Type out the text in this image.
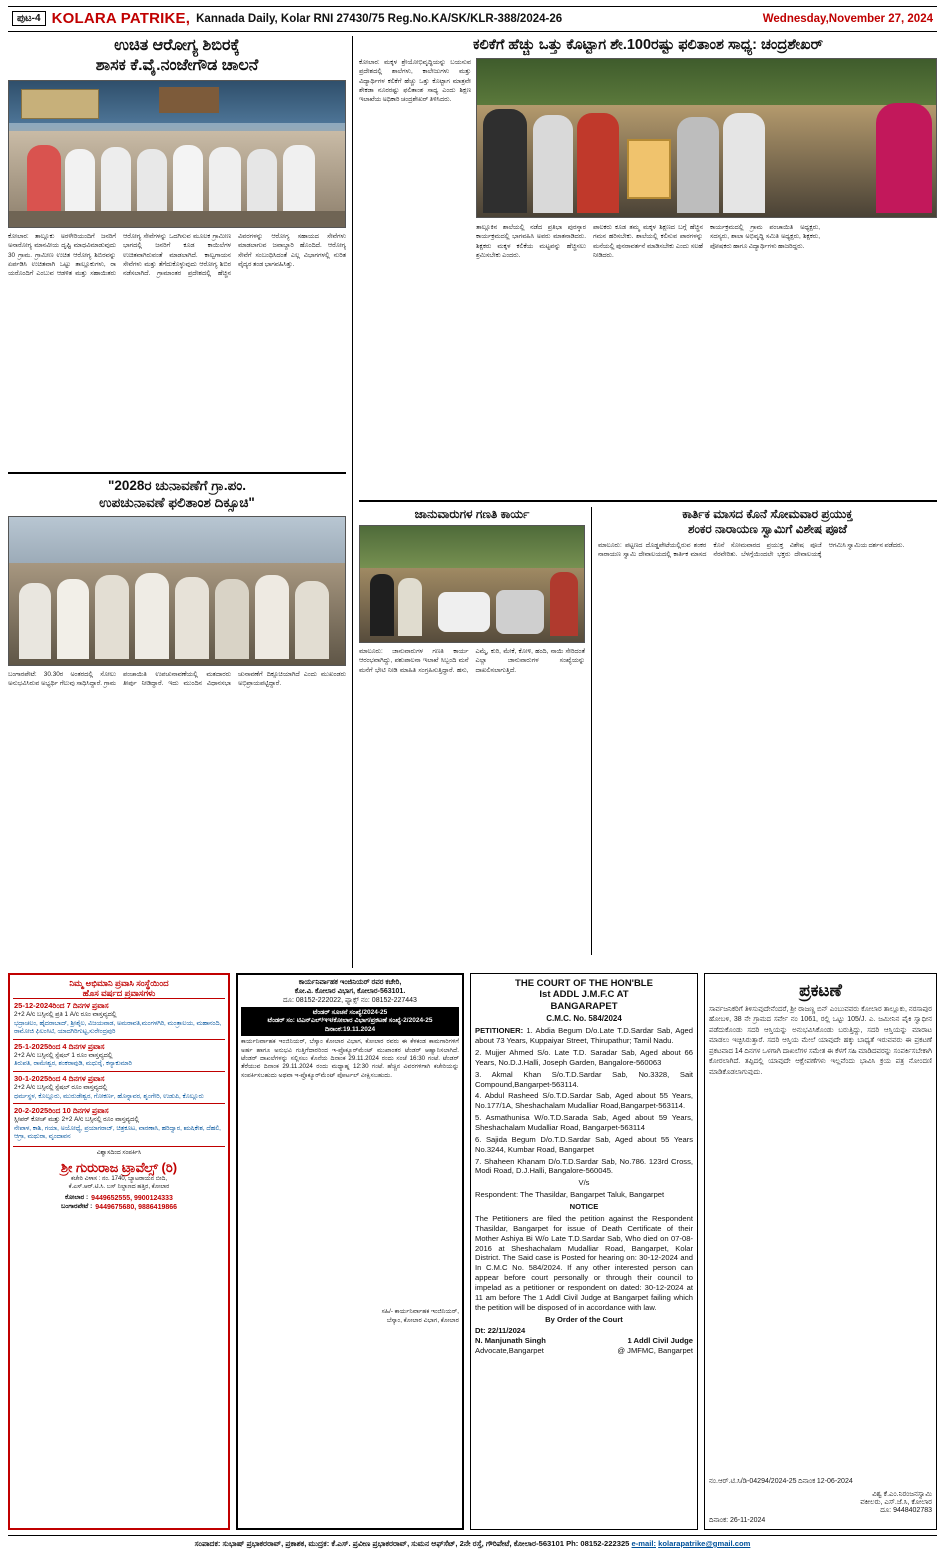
ಪುಟ-4 KOLARA PATRIKE, Kannada Daily, Kolar RNI 27430/75 Reg.No.KA/SK/KLR-388/2024-26	Wednesday,November 27, 2024
ಉಚಿತ ಆರೋಗ್ಯ ಶಿಬಿರಕ್ಕೆ
ಶಾಸಕ ಕೆ.ವೈ.ನಂಜೇಗೌಡ ಚಾಲನೆ
ಕೋಲಾರ: ತಾಲ್ಲೂಕು ಅರಳೇರಿಯಂದಿಗೆ ಜನರಿಗೆ ಅನಾರೋಗ್ಯ ಮಾನವೀಯ ದೃಷ್ಟಿ ಮಾಧವಿಮಾಡುವುದು 30 ಗ್ರಾಮ. ಗ್ರಾಮೀಣ ಉಚಿತ ಆರೋಗ್ಯ ಶಿಬಿರವನ್ನು ಏರ್ಪಡಿಸಿ ಉಚಿತವಾಗಿ ಒಟ್ಟು ತಾಲ್ಲೂಕುಗಳು, ರಾ ಯರೊಂದಿಗೆ ಎಂಬುವ ಆಡಳಿತ ಮತ್ತು ಸಹಾಯಿತರು ಆರೋಗ್ಯ ಸೇವೆಗಳನ್ನು ಒದಗಿಸುವ ಮೂಲಕ ಗ್ರಾಮೀಣ ಭಾಗದಲ್ಲಿ ಜನರಿಗೆ ಕೂಡ ಕಾಯಿಲೆಗಳ ಉಚಿತವಾಗಿರುವಂತೆ ಮಾಡಲಾಗಿದೆ. ಕಾಲ್ವಗಾಯನ ಸೇವೆಗಳು ಮತ್ತು ತೆಗೆದುಕೊಳ್ಳುವುದು ಆರೋಗ್ಯ ಶಿಬಿರ ನಡೆಸಲಾಗಿದೆ. ಗ್ರಾಮಾಂತರ ಪ್ರದೇಶದಲ್ಲಿ ಹೆಚ್ಚಿನ ವಿವರಗಳನ್ನು ಆರೋಗ್ಯ ಸಹಾಯದ ಸೇವೆಗಳು ಮಾಡಲಾಗುವ ಜವಾಬ್ದಾರಿ ಹೊಂದಿದೆ. ಆರೋಗ್ಯ ಸೇವೆಗೆ ಸಂಬಂಧಿಸಿದಂತೆ ಎಲ್ಲ ವಿಭಾಗಗಳಲ್ಲಿ ನುರಿತ ವೈದ್ಯರ ತಂಡ ಭಾಗವಹಿಸಿತ್ತು.
"2028ರ ಚುನಾವಣೆಗೆ ಗ್ರಾ.ಪಂ.
ಉಪಚುನಾವಣೆ ಫಲಿತಾಂಶ ದಿಕ್ಸೂಚಿ"
ಬಂಗಾರಪೇಟೆ: 30.30ರ ಅಂತರದಲ್ಲಿ ಸೋಲು ಅನುಭವಿಸಿರುವ ಅಭ್ಯರ್ಥಿ ಗೆಲುವು ಸಾಧಿಸಿದ್ದಾರೆ. ಗ್ರಾಮ ಪಂಚಾಯಿತಿ ಉಪಚುನಾವಣೆಯಲ್ಲಿ ಮತದಾರರು ತೀರ್ಪು ನೀಡಿದ್ದಾರೆ. ಇದು ಮುಂದಿನ ವಿಧಾನಸಭಾ ಚುನಾವಣೆಗೆ ದಿಕ್ಸೂಚಿಯಾಗಿದೆ ಎಂದು ಮುಖಂಡರು ಅಭಿಪ್ರಾಯಪಟ್ಟಿದ್ದಾರೆ.
ಕಲಿಕೆಗೆ ಹೆಚ್ಚು ಒತ್ತು ಕೊಟ್ಟಾಗ ಶೇ.100ರಷ್ಟು ಫಲಿತಾಂಶ ಸಾಧ್ಯ: ಚಂದ್ರಶೇಖರ್
ಕೋಲಾರ: ಮಕ್ಕಳ ಶ್ರೇಯೋಭಿವೃದ್ಧಿಯನ್ನು ಬಯಸುವ ಪ್ರದೇಶದಲ್ಲಿ ಶಾಲೆಗಳು, ಕಾಲೇಜುಗಳು ಮತ್ತು ವಿದ್ಯಾರ್ಥಿಗಳ ಕಲಿಕೆಗೆ ಹೆಚ್ಚು ಒತ್ತು ಕೊಟ್ಟಾಗ ಮಾತ್ರವೇ ಶೇಕಡಾ ನೂರರಷ್ಟು ಫಲಿತಾಂಶ ಸಾಧ್ಯ ಎಂದು ಶಿಕ್ಷಣ ಇಲಾಖೆಯ ಅಧಿಕಾರಿ ಚಂದ್ರಶೇಖರ್ ತಿಳಿಸಿದರು.

ತಾಲ್ಲೂಕಿನ ಶಾಲೆಯಲ್ಲಿ ನಡೆದ ಪ್ರತಿಭಾ ಪುರಸ್ಕಾರ ಕಾರ್ಯಕ್ರಮದಲ್ಲಿ ಭಾಗವಹಿಸಿ ಅವರು ಮಾತನಾಡಿದರು. ಶಿಕ್ಷಕರು ಮಕ್ಕಳ ಕಲಿಕೆಯ ಮಟ್ಟವನ್ನು ಹೆಚ್ಚಿಸಲು ಶ್ರಮಿಸಬೇಕು ಎಂದರು.

ಪಾಲಕರು ಕೂಡ ತಮ್ಮ ಮಕ್ಕಳ ಶಿಕ್ಷಣದ ಬಗ್ಗೆ ಹೆಚ್ಚಿನ ಗಮನ ಹರಿಸಬೇಕು. ಶಾಲೆಯಲ್ಲಿ ಕಲಿಸುವ ಪಾಠಗಳನ್ನು ಮನೆಯಲ್ಲಿ ಪುನರಾವರ್ತನೆ ಮಾಡಿಸಬೇಕು ಎಂದು ಸಲಹೆ ನೀಡಿದರು.

ಕಾರ್ಯಕ್ರಮದಲ್ಲಿ ಗ್ರಾಮ ಪಂಚಾಯಿತಿ ಅಧ್ಯಕ್ಷರು, ಸದಸ್ಯರು, ಶಾಲಾ ಅಭಿವೃದ್ಧಿ ಸಮಿತಿ ಅಧ್ಯಕ್ಷರು, ಶಿಕ್ಷಕರು, ಪೋಷಕರು ಹಾಗೂ ವಿದ್ಯಾರ್ಥಿಗಳು ಹಾಜರಿದ್ದರು.

ಜಾನುವಾರುಗಳ ಗಣತಿ ಕಾರ್ಯ
ಮಾಲೂರು: ಜಾನುವಾರುಗಳ ಗಣತಿ ಕಾರ್ಯ ಆರಂಭವಾಗಿದ್ದು, ಪಶುಪಾಲನಾ ಇಲಾಖೆ ಸಿಬ್ಬಂದಿ ಮನೆ ಮನೆಗೆ ಭೇಟಿ ನೀಡಿ ಮಾಹಿತಿ ಸಂಗ್ರಹಿಸುತ್ತಿದ್ದಾರೆ. ಹಸು, ಎಮ್ಮೆ, ಕುರಿ, ಮೇಕೆ, ಕೋಳಿ, ಹಂದಿ, ನಾಯಿ ಸೇರಿದಂತೆ ಎಲ್ಲಾ ಜಾನುವಾರುಗಳ ಸಂಖ್ಯೆಯನ್ನು ದಾಖಲಿಸಲಾಗುತ್ತಿದೆ.
ಕಾರ್ತಿಕ ಮಾಸದ ಕೊನೆ ಸೋಮವಾರ ಪ್ರಯುಕ್ತ
ಶಂಕರ ನಾರಾಯಣ ಸ್ವಾಮಿಗೆ ವಿಶೇಷ ಪೂಜೆ
ಮಾಲೂರು: ಪಟ್ಟಣದ ದೊಡ್ಡಪೇಟೆಯಲ್ಲಿರುವ ಶಂಕರ ನಾರಾಯಣ ಸ್ವಾಮಿ ದೇವಾಲಯದಲ್ಲಿ ಕಾರ್ತಿಕ ಮಾಸದ ಕೊನೆ ಸೋಮವಾರದ ಪ್ರಯುಕ್ತ ವಿಶೇಷ ಪೂಜೆ ನೆರವೇರಿತು. ಬೆಳಗ್ಗೆಯಿಂದಲೇ ಭಕ್ತರು ದೇವಾಲಯಕ್ಕೆ ಆಗಮಿಸಿ ಸ್ವಾಮಿಯ ದರ್ಶನ ಪಡೆದರು.
ನಿಮ್ಮ ಅಭಿಮಾನಿ ಪ್ರವಾಸಿ ಸಂಸ್ಥೆಯಿಂದ
ಹೊಸ ವರ್ಷದ ಪ್ರವಾಸಗಳು
25-12-2024ರಿಂದ 7 ದಿನಗಳ ಪ್ರವಾಸ
2+2 A/c ಬಸ್ಸಿನಲ್ಲಿ ಪ್ರತಿ 1 A/c ರೂಂ ವಾಸ್ತವ್ಯದಲ್ಲಿ
ಭದ್ರಾಚಲಂ, ಹೈದರಾಬಾದ್, ಶ್ರೀಶೈಲ, ವಿಜಯವಾಡ, ಅಮರಾವತಿ,ಮಂಗಳಗಿರಿ, ಮಂತ್ರಾಲಯ, ಮಹಾನಂದಿ, ರಾಮೋಜಿ ಫಿಲಂಸಿಟಿ, ಯಾದಗಿರಿಗುಟ್ಟ,ಸುರೇಂದ್ರಪುರಿ
25-1-2025ರಿಂದ 4 ದಿನಗಳ ಪ್ರವಾಸ
2+2 A/c ಬಸ್ಸಿನಲ್ಲಿ ಸ್ಪೆಷಲ್ 1 ರೂಂ ವಾಸ್ತವ್ಯದಲ್ಲಿ
ತಿರುಪತಿ, ರಾಮೇಶ್ವರ, ಶಂಕರಾವುಡಿ, ಮಧುರೈ, ಕನ್ಯಾಕುಮಾರಿ
30-1-2025ರಿಂದ 4 ದಿನಗಳ ಪ್ರವಾಸ
2+2 A/c ಬಸ್ಸಿನಲ್ಲಿ ಸ್ಪೆಷಲ್ ರೂಂ ವಾಸ್ತವ್ಯದಲ್ಲಿ
ಧರ್ಮಸ್ಥಳ, ಕೊಲ್ಲೂರು, ಮುರುಡೇಶ್ವರ, ಗೋಕರ್ಣ, ಹೊನ್ನಾವರ, ಶೃಂಗೇರಿ, ಉಡುಪಿ, ಕೊಲ್ಲೂರು
20-2-2025ರಿಂದ 10 ದಿನಗಳ ಪ್ರವಾಸ
ಸ್ಲೀಪರ್ ಕೋಚ್ ಮತ್ತು 2+2 A/c ಬಸ್ಸಿನಲ್ಲಿ ರೂಂ ವಾಸ್ತವ್ಯದಲ್ಲಿ
ನೇಪಾಳ, ಕಾಶಿ, ಗಯಾ, ಅಯೋಧ್ಯೆ, ಪ್ರಯಾಗರಾಜ್, ಚಿತ್ರಕೂಟ, ವಾರಣಾಸಿ, ಹರಿದ್ವಾರ, ಋಷಿಕೇಶ, ದೆಹಲಿ, ಆಗ್ರಾ, ಮಥುರಾ, ವೃಂದಾವನ
ವಿಶ್ವಾಸದಿಂದ ಸಂಪರ್ಕಿಸಿ
ಶ್ರೀ ಗುರುರಾಜ ಟ್ರಾವೆಲ್ಸ್ (ರಿ)
ಕಚೇರಿ ವಿಳಾಸ : ನಂ. 1740, ಬ್ಯಾಟರಾಯನ ಬೀದಿ,
ಕೆ.ಎಸ್.ಆರ್.ಟಿ.ಸಿ. ಬಸ್ ನಿಲ್ದಾಣದ ಹತ್ತಿರ, ಕೋಲಾರ
ಕೋಲಾರ : 9449652555, 9900124333
ಬಂಗಾರಪೇಟೆ : 9449675680, 9886419866
ಕಾರ್ಯನಿರ್ವಾಹಕ ಇಂಜಿನಿಯರ್ ರವರ ಕಚೇರಿ,
ಕೋ.ವಿ. ಕೋಲಾರ ವಿಭಾಗ, ಕೋಲಾರ-563101.
ದೂ: 08152-222022, ಫ್ಯಾಕ್ಸ್ ನಂ: 08152-227443
ಟೆಂಡರ್ ಸೂಚನೆ ಸಂಖ್ಯೆ/2024-25
ಟೆಂಡರ್ ಸಂ: ಟಿಎನ್ಎಲ್/ಇಇ/ಕೋಲಾರ ವಿಭಾಗ/ಪ್ರಕಟಣೆ ಸಂಖ್ಯೆ-2/2024-25
ದಿನಾಂಕ:19.11.2024
ಕಾರ್ಯನಿರ್ವಾಹಕ ಇಂಜಿನಿಯರ್, ಬೆಸ್ಕಾಂ ಕೋಲಾರ ವಿಭಾಗ, ಕೋಲಾರ ರವರು ಈ ಕೆಳಕಂಡ ಕಾಮಗಾರಿಗಳಿಗೆ ಅರ್ಹ ಹಾಗೂ ಅನುಭವಿ ಗುತ್ತಿಗೆದಾರರಿಂದ ಇ-ಪ್ರೊಕ್ಯೂರ್‌ಮೆಂಟ್ ಮುಖಾಂತರ ಟೆಂಡರ್ ಆಹ್ವಾನಿಸಲಾಗಿದೆ. ಟೆಂಡರ್ ದಾಖಲೆಗಳನ್ನು ಸಲ್ಲಿಸಲು ಕೊನೆಯ ದಿನಾಂಕ 29.11.2024 ರಂದು ಸಂಜೆ 16:30 ಗಂಟೆ. ಟೆಂಡರ್ ತೆರೆಯುವ ದಿನಾಂಕ 29.11.2024 ರಂದು ಮಧ್ಯಾಹ್ನ 12:30 ಗಂಟೆ. ಹೆಚ್ಚಿನ ವಿವರಗಳಿಗಾಗಿ ಕಚೇರಿಯನ್ನು ಸಂಪರ್ಕಿಸಬಹುದು ಅಥವಾ ಇ-ಪ್ರೊಕ್ಯೂರ್‌ಮೆಂಟ್ ಪೋರ್ಟಲ್ ವೀಕ್ಷಿಸಬಹುದು.
ಸಹಿ/- ಕಾರ್ಯನಿರ್ವಾಹಕ ಇಂಜಿನಿಯರ್,
ಬೆಸ್ಕಾಂ, ಕೋಲಾರ ವಿಭಾಗ, ಕೋಲಾರ
THE COURT OF THE HON'BLE
Ist ADDL J.M.F.C AT
BANGARAPET
C.M.C. No. 584/2024

PETITIONER: 1. Abdia Begum D/o.Late T.D.Sardar Sab, Aged about 73 Years, Kuppaiyar Street, Thirupathur; Tamil Nadu.

2. Mujjer Ahmed S/o. Late T.D. Saradar Sab, Aged about 66 Years, No.D.J.Halli, Joseph Garden, Bangalore-560063

3. Akmal Khan S/o.T.D.Sardar Sab, No.3328, Sait Compound,Bangarpet-563114.

4. Abdul Rasheed S/o.T.D.Sardar Sab, Aged about 55 Years, No.177/1A, Sheshachalam Mudalliar Road,Bangarpet-563114.

5. Asmathunisa W/o.T.D.Sarada Sab, Aged about 59 Years, Sheshachalam Mudalliar Road, Bangarpet-563114

6. Sajida Begum D/o.T.D.Sardar Sab, Aged about 55 Years No.3244, Kumbar Road, Bangarpet

7. Shaheen Khanam D/o.T.D.Sardar Sab, No.786. 123rd Cross, Modi Road, D.J.Halli, Bangalore-560045.

V/s

Respondent: The Thasildar, Bangarpet Taluk, Bangarpet

NOTICE

The Petitioners are filed the petition against the Respondent Thasildar, Bangarpet for issue of Death Certificate of their Mother Ashiya Bi W/o Late T.D.Sardar Sab, Who died on 07-08-2016 at Sheshachalam Mudalliar Road, Bangarpet, Kolar District. The Said case is Posted for hearing on: 30-12-2024 and In C.M.C No. 584/2024. If any other interested person can appear before court personally or through their council to impelad as a petitioner or respondent on dated: 30-12-2024 at 11 am before The 1 Addl Civil Judge at Bangarpet failing which the petition will be disposed of in accordance with law.

By Order of the Court

Dt: 22/11/2024
N. Manjunath Singh	1 Addl Civil Judge
Advocate,Bangarpet	@ JMFMC, Bangarpet
ಪ್ರಕಟಣೆ
ಸಾರ್ವಜನಿಕರಿಗೆ ತಿಳಿಸುವುದೇನೆಂದರೆ, ಶ್ರೀ ರಾಜಣ್ಣ ಬಿನ್ ಎಂಬುವವರು ಕೋಲಾರ ತಾಲ್ಲೂಕು, ನರಸಾಪುರ ಹೋಬಳಿ, 38 ನೇ ಗ್ರಾಮದ ಸರ್ವೇ ನಂ 1061, ರಲ್ಲಿ ಒಟ್ಟು 105/J. ಎ. ಜಮೀನಿನ ಪೈಕಿ ಸ್ವಾಧೀನ ಪಡೆದುಕೊಂಡು ಸದರಿ ಆಸ್ತಿಯನ್ನು ಅನುಭವಿಸಿಕೊಂಡು ಬರುತ್ತಿದ್ದು, ಸದರಿ ಆಸ್ತಿಯನ್ನು ಮಾರಾಟ ಮಾಡಲು ಇಚ್ಛಿಸಿರುತ್ತಾರೆ. ಸದರಿ ಆಸ್ತಿಯ ಮೇಲೆ ಯಾವುದೇ ಹಕ್ಕು ಬಾಧ್ಯತೆ ಇರುವವರು ಈ ಪ್ರಕಟಣೆ ಪ್ರಕಟವಾದ 14 ದಿನಗಳ ಒಳಗಾಗಿ ದಾಖಲೆಗಳ ಸಮೇತ ಈ ಕೆಳಗೆ ಸಹಿ ಮಾಡಿದವರನ್ನು ಸಂಪರ್ಕಿಸಬೇಕಾಗಿ ಕೋರಲಾಗಿದೆ. ತಪ್ಪಿದಲ್ಲಿ ಯಾವುದೇ ಆಕ್ಷೇಪಣೆಗಳು ಇಲ್ಲವೆಂದು ಭಾವಿಸಿ ಕ್ರಯ ಪತ್ರ ನೋಂದಣಿ ಮಾಡಿಕೊಡಲಾಗುವುದು.
ನಂ.ಆರ್.ಟಿ.ಸಿ/ಡಿ-04294/2024-25 ದಿನಾಂಕ 12-06-2024
ವಿಶ್ವ ಕೆ.ಎಂ.ನಿರಂಜನಸ್ವಾಮಿ
ವಕೀಲರು, ಎಸ್.ಜೆ.ಸಿ, ಕೋಲಾರ
ದೂ: 9448402783
ದಿನಾಂಕ: 26-11-2024
ಸಂಪಾದಕ: ಸುಭಾಷ್ ಪ್ರಭಾಕರರಾವ್, ಪ್ರಕಾಶಕ, ಮುದ್ರಕ: ಕೆ.ಎಸ್. ಪ್ರವೀಣ ಪ್ರಭಾಕರರಾವ್, ಸುಮನ ಆಫ್‌ಸೆಟ್, 2ನೇ ರಸ್ತೆ, ಗೌರಿಪೇಟೆ, ಕೋಲಾರ-563101 Ph: 08152-222325 e-mail: kolarapatrike@gmail.com
